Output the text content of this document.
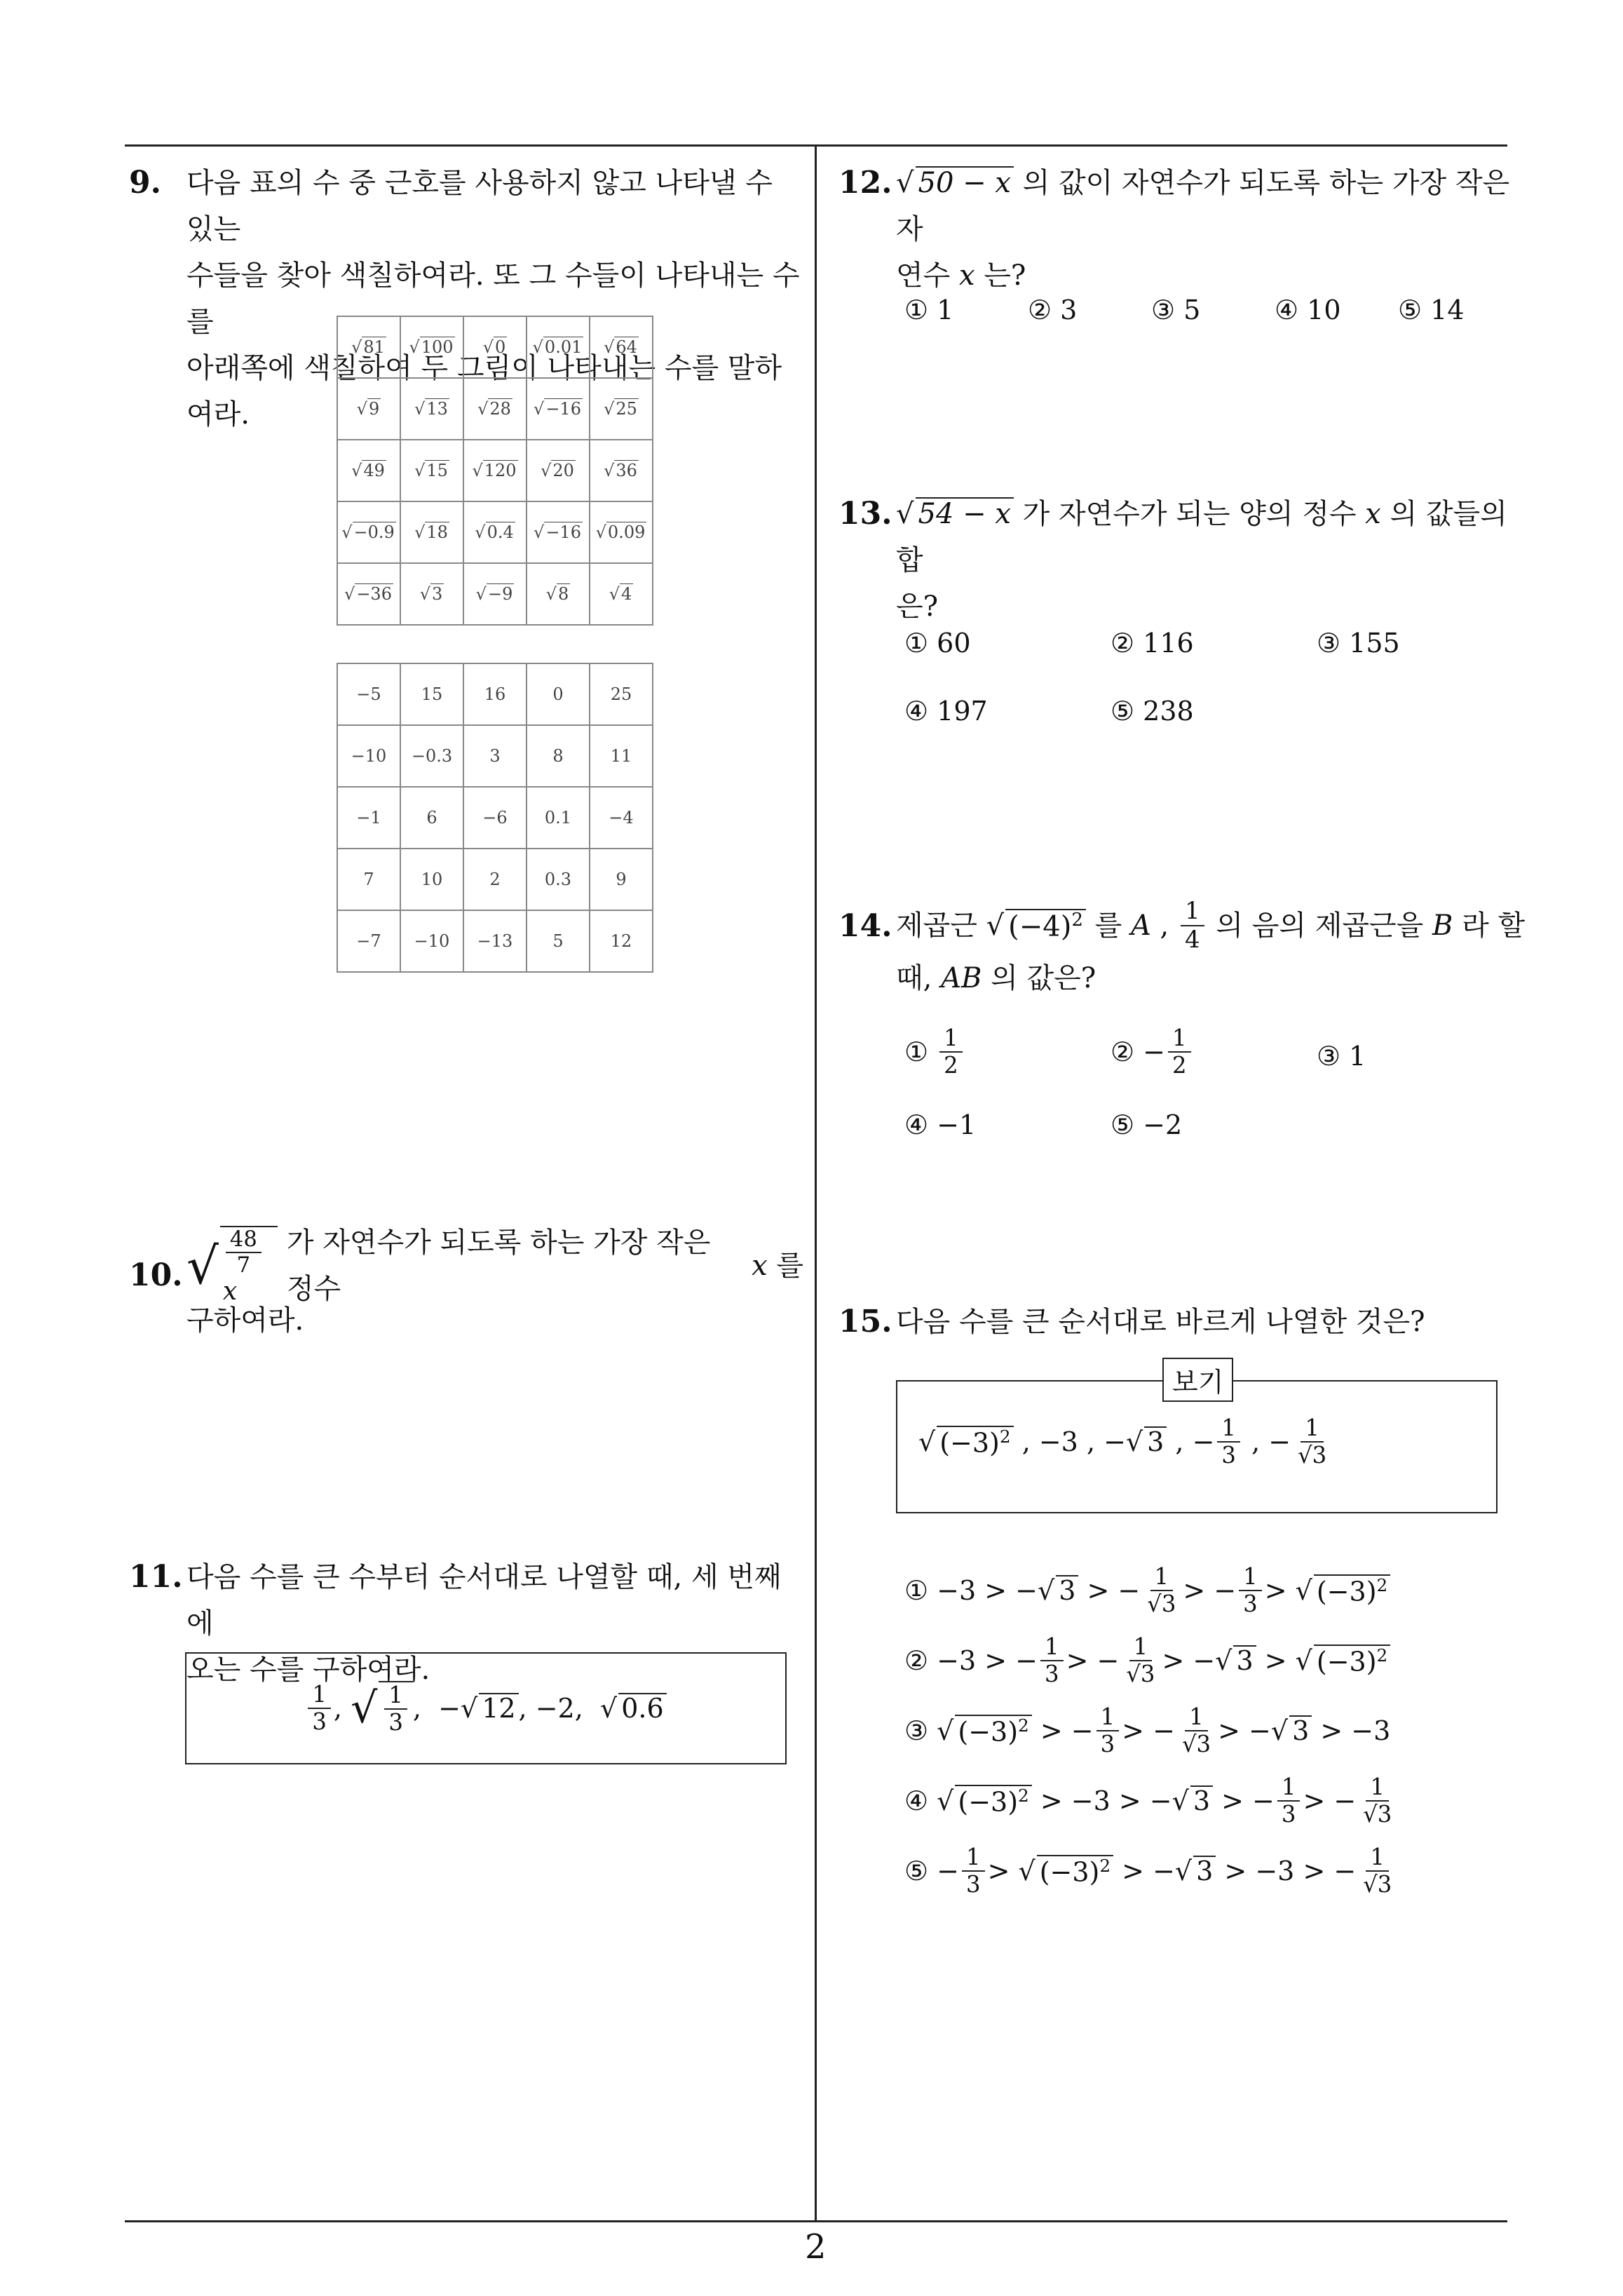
2
9. 다음 표의 수 중 근호를 사용하지 않고 나타낼 수 있는
수들을 찾아 색칠하여라. 또 그 수들이 나타내는 수를
아래쪽에 색칠하여 두 그림이 나타내는 수를 말하여라.
√81	√100	√0	√0.01	√64
√9	√13	√28	√−16	√25
√49	√15	√120	√20	√36
√−0.9	√18	√0.4	√−16	√0.09
√−36	√3	√−9	√8	√4
−5	15	16	0	25
−10	−0.3	3	8	11
−1	6	−6	0.1	−4
7	10	2	0.3	9
−7	−10	−13	5	12
10. √ $\frac{48}{7}$
x

가 자연수가 되도록 하는 가장 작은 정수

x
를
구하여라.
11. 다음 수를 큰 수부터 순서대로 나열할 때, 세 번째에
오는 수를 구하여라.
$\frac{1}{3}$ , √ $\frac{1}{3}$ ,  −√ 12 , −2, √ 0.6
12. √ 50 − x 의 값이 자연수가 되도록 하는 가장 작은 자
연수 x 는?
① 1	② 3	③ 5	④ 10 ⑤ 14
13. √ 54 − x 가 자연수가 되는 양의 정수 x 의 값들의 합
은?
① 60	② 116	③ 155
④ 197	⑤ 238
14. 제곱근 √ $(-4)^2$
를
A , $\frac{1}{4}$
의 음의 제곱근을
B
라 할
때, AB 의 값은?
①
$\frac{1}{2}$	② − $\frac{1}{2}$	③ 1
④ −1	⑤ −2
15. 다음 수를 큰 순서대로 바르게 나열한 것은?
√ $(-3)^2$ , −3 , −√ 3 , − $\frac{1}{3}$ , − $\frac{1}{√3}$
보기
① −3 > −√ 3 > − $\frac{1}{√3}$ > − $\frac{1}{3}$ > √ $(-3)^2$
② −3 > − $\frac{1}{3}$ > − $\frac{1}{√3}$ > −√ 3 > √ $(-3)^2$
③ √ $(-3)^2$ > − $\frac{1}{3}$ > − $\frac{1}{√3}$ > −√ 3 > −3
④ √ $(-3)^2 > -3$ > −√ 3 > − $\frac{1}{3}$ > − $\frac{1}{√3}$
⑤ − $\frac{1}{3}$ > √ $(-3)^2$ > −√ 3 > −3 > − $\frac{1}{√3}$
